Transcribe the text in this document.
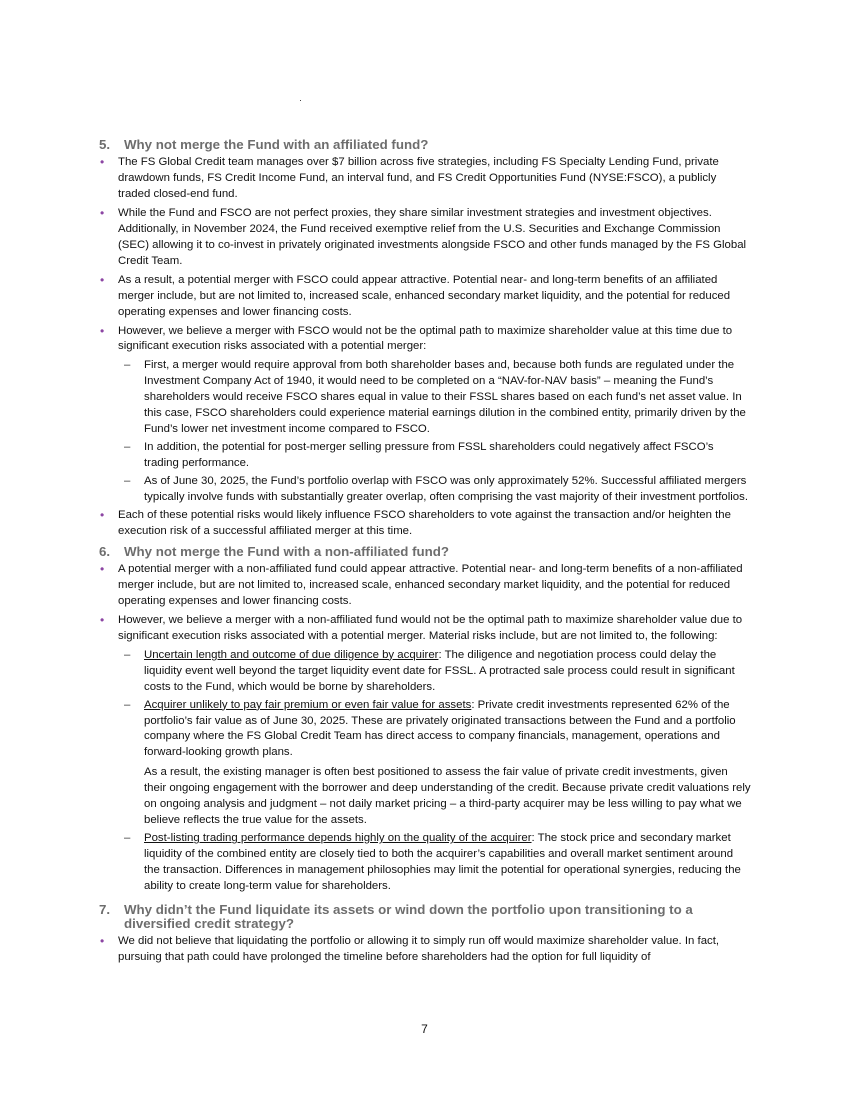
5.	Why not merge the Fund with an affiliated fund?
• The FS Global Credit team manages over $7 billion across five strategies, including FS Specialty Lending Fund, private drawdown funds, FS Credit Income Fund, an interval fund, and FS Credit Opportunities Fund (NYSE:FSCO), a publicly traded closed-end fund.
• While the Fund and FSCO are not perfect proxies, they share similar investment strategies and investment objectives. Additionally, in November 2024, the Fund received exemptive relief from the U.S. Securities and Exchange Commission (SEC) allowing it to co-invest in privately originated investments alongside FSCO and other funds managed by the FS Global Credit Team.
• As a result, a potential merger with FSCO could appear attractive. Potential near- and long-term benefits of an affiliated merger include, but are not limited to, increased scale, enhanced secondary market liquidity, and the potential for reduced operating expenses and lower financing costs.
• However, we believe a merger with FSCO would not be the optimal path to maximize shareholder value at this time due to significant execution risks associated with a potential merger:
– First, a merger would require approval from both shareholder bases and, because both funds are regulated under the Investment Company Act of 1940, it would need to be completed on a “NAV-for-NAV basis” – meaning the Fund’s shareholders would receive FSCO shares equal in value to their FSSL shares based on each fund’s net asset value. In this case, FSCO shareholders could experience material earnings dilution in the combined entity, primarily driven by the Fund’s lower net investment income compared to FSCO.
– In addition, the potential for post-merger selling pressure from FSSL shareholders could negatively affect FSCO’s trading performance.
– As of June 30, 2025, the Fund’s portfolio overlap with FSCO was only approximately 52%. Successful affiliated mergers typically involve funds with substantially greater overlap, often comprising the vast majority of their investment portfolios.
• Each of these potential risks would likely influence FSCO shareholders to vote against the transaction and/or heighten the execution risk of a successful affiliated merger at this time.
6.	Why not merge the Fund with a non-affiliated fund?
• A potential merger with a non-affiliated fund could appear attractive. Potential near- and long-term benefits of a non-affiliated merger include, but are not limited to, increased scale, enhanced secondary market liquidity, and the potential for reduced operating expenses and lower financing costs.
• However, we believe a merger with a non-affiliated fund would not be the optimal path to maximize shareholder value due to significant execution risks associated with a potential merger. Material risks include, but are not limited to, the following:
– Uncertain length and outcome of due diligence by acquirer: The diligence and negotiation process could delay the liquidity event well beyond the target liquidity event date for FSSL. A protracted sale process could result in significant costs to the Fund, which would be borne by shareholders.
– Acquirer unlikely to pay fair premium or even fair value for assets: Private credit investments represented 62% of the portfolio’s fair value as of June 30, 2025. These are privately originated transactions between the Fund and a portfolio company where the FS Global Credit Team has direct access to company financials, management, operations and forward-looking growth plans.
As a result, the existing manager is often best positioned to assess the fair value of private credit investments, given their ongoing engagement with the borrower and deep understanding of the credit. Because private credit valuations rely on ongoing analysis and judgment – not daily market pricing – a third-party acquirer may be less willing to pay what we believe reflects the true value for the assets.
– Post-listing trading performance depends highly on the quality of the acquirer: The stock price and secondary market liquidity of the combined entity are closely tied to both the acquirer’s capabilities and overall market sentiment around the transaction. Differences in management philosophies may limit the potential for operational synergies, reducing the ability to create long-term value for shareholders.
7.	Why didn’t the Fund liquidate its assets or wind down the portfolio upon transitioning to a diversified credit strategy?
• We did not believe that liquidating the portfolio or allowing it to simply run off would maximize shareholder value. In fact, pursuing that path could have prolonged the timeline before shareholders had the option for full liquidity of
7
